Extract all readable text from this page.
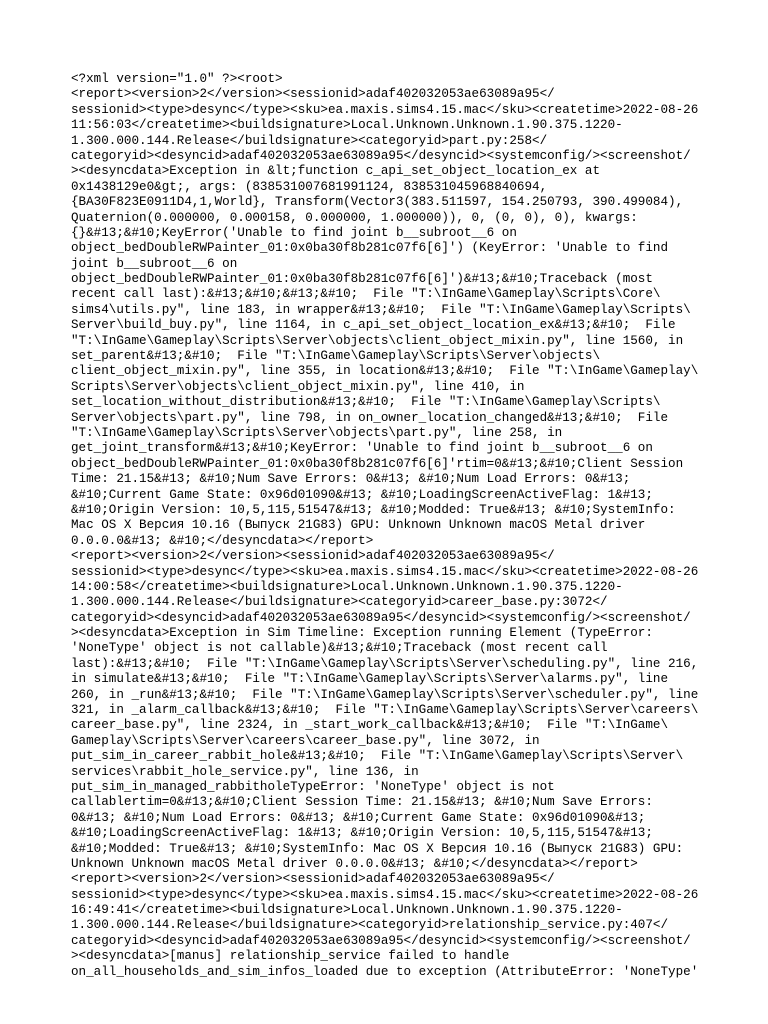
<?xml version="1.0" ?><root>
<report><version>2</version><sessionid>adaf402032053ae63089a95</
sessionid><type>desync</type><sku>ea.maxis.sims4.15.mac</sku><createtime>2022-08-26
11:56:03</createtime><buildsignature>Local.Unknown.Unknown.1.90.375.1220-
1.300.000.144.Release</buildsignature><categoryid>part.py:258</
categoryid><desyncid>adaf402032053ae63089a95</desyncid><systemconfig/><screenshot/
><desyncdata>Exception in &lt;function c_api_set_object_location_ex at
0x1438129e0&gt;, args: (838531007681991124, 838531045968840694,
{BA30F823E0911D4,1,World}, Transform(Vector3(383.511597, 154.250793, 390.499084),
Quaternion(0.000000, 0.000158, 0.000000, 1.000000)), 0, (0, 0), 0), kwargs:
{}&#13;&#10;KeyError('Unable to find joint b__subroot__6 on
object_bedDoubleRWPainter_01:0x0ba30f8b281c07f6[6]') (KeyError: 'Unable to find
joint b__subroot__6 on
object_bedDoubleRWPainter_01:0x0ba30f8b281c07f6[6]')&#13;&#10;Traceback (most
recent call last):&#13;&#10;&#13;&#10;  File "T:\InGame\Gameplay\Scripts\Core\
sims4\utils.py", line 183, in wrapper&#13;&#10;  File "T:\InGame\Gameplay\Scripts\
Server\build_buy.py", line 1164, in c_api_set_object_location_ex&#13;&#10;  File
"T:\InGame\Gameplay\Scripts\Server\objects\client_object_mixin.py", line 1560, in
set_parent&#13;&#10;  File "T:\InGame\Gameplay\Scripts\Server\objects\
client_object_mixin.py", line 355, in location&#13;&#10;  File "T:\InGame\Gameplay\
Scripts\Server\objects\client_object_mixin.py", line 410, in
set_location_without_distribution&#13;&#10;  File "T:\InGame\Gameplay\Scripts\
Server\objects\part.py", line 798, in on_owner_location_changed&#13;&#10;  File
"T:\InGame\Gameplay\Scripts\Server\objects\part.py", line 258, in
get_joint_transform&#13;&#10;KeyError: 'Unable to find joint b__subroot__6 on
object_bedDoubleRWPainter_01:0x0ba30f8b281c07f6[6]'rtim=0&#13;&#10;Client Session
Time: 21.15&#13; &#10;Num Save Errors: 0&#13; &#10;Num Load Errors: 0&#13;
&#10;Current Game State: 0x96d01090&#13; &#10;LoadingScreenActiveFlag: 1&#13;
&#10;Origin Version: 10,5,115,51547&#13; &#10;Modded: True&#13; &#10;SystemInfo:
Mac OS X Версия 10.16 (Выпуск 21G83) GPU: Unknown Unknown macOS Metal driver
0.0.0.0&#13; &#10;</desyncdata></report>
<report><version>2</version><sessionid>adaf402032053ae63089a95</
sessionid><type>desync</type><sku>ea.maxis.sims4.15.mac</sku><createtime>2022-08-26
14:00:58</createtime><buildsignature>Local.Unknown.Unknown.1.90.375.1220-
1.300.000.144.Release</buildsignature><categoryid>career_base.py:3072</
categoryid><desyncid>adaf402032053ae63089a95</desyncid><systemconfig/><screenshot/
><desyncdata>Exception in Sim Timeline: Exception running Element (TypeError:
'NoneType' object is not callable)&#13;&#10;Traceback (most recent call
last):&#13;&#10;  File "T:\InGame\Gameplay\Scripts\Server\scheduling.py", line 216,
in simulate&#13;&#10;  File "T:\InGame\Gameplay\Scripts\Server\alarms.py", line
260, in _run&#13;&#10;  File "T:\InGame\Gameplay\Scripts\Server\scheduler.py", line
321, in _alarm_callback&#13;&#10;  File "T:\InGame\Gameplay\Scripts\Server\careers\
career_base.py", line 2324, in _start_work_callback&#13;&#10;  File "T:\InGame\
Gameplay\Scripts\Server\careers\career_base.py", line 3072, in
put_sim_in_career_rabbit_hole&#13;&#10;  File "T:\InGame\Gameplay\Scripts\Server\
services\rabbit_hole_service.py", line 136, in
put_sim_in_managed_rabbitholeTypeError: 'NoneType' object is not
callablertim=0&#13;&#10;Client Session Time: 21.15&#13; &#10;Num Save Errors:
0&#13; &#10;Num Load Errors: 0&#13; &#10;Current Game State: 0x96d01090&#13;
&#10;LoadingScreenActiveFlag: 1&#13; &#10;Origin Version: 10,5,115,51547&#13;
&#10;Modded: True&#13; &#10;SystemInfo: Mac OS X Версия 10.16 (Выпуск 21G83) GPU:
Unknown Unknown macOS Metal driver 0.0.0.0&#13; &#10;</desyncdata></report>
<report><version>2</version><sessionid>adaf402032053ae63089a95</
sessionid><type>desync</type><sku>ea.maxis.sims4.15.mac</sku><createtime>2022-08-26
16:49:41</createtime><buildsignature>Local.Unknown.Unknown.1.90.375.1220-
1.300.000.144.Release</buildsignature><categoryid>relationship_service.py:407</
categoryid><desyncid>adaf402032053ae63089a95</desyncid><systemconfig/><screenshot/
><desyncdata>[manus] relationship_service failed to handle
on_all_households_and_sim_infos_loaded due to exception (AttributeError: 'NoneType'
